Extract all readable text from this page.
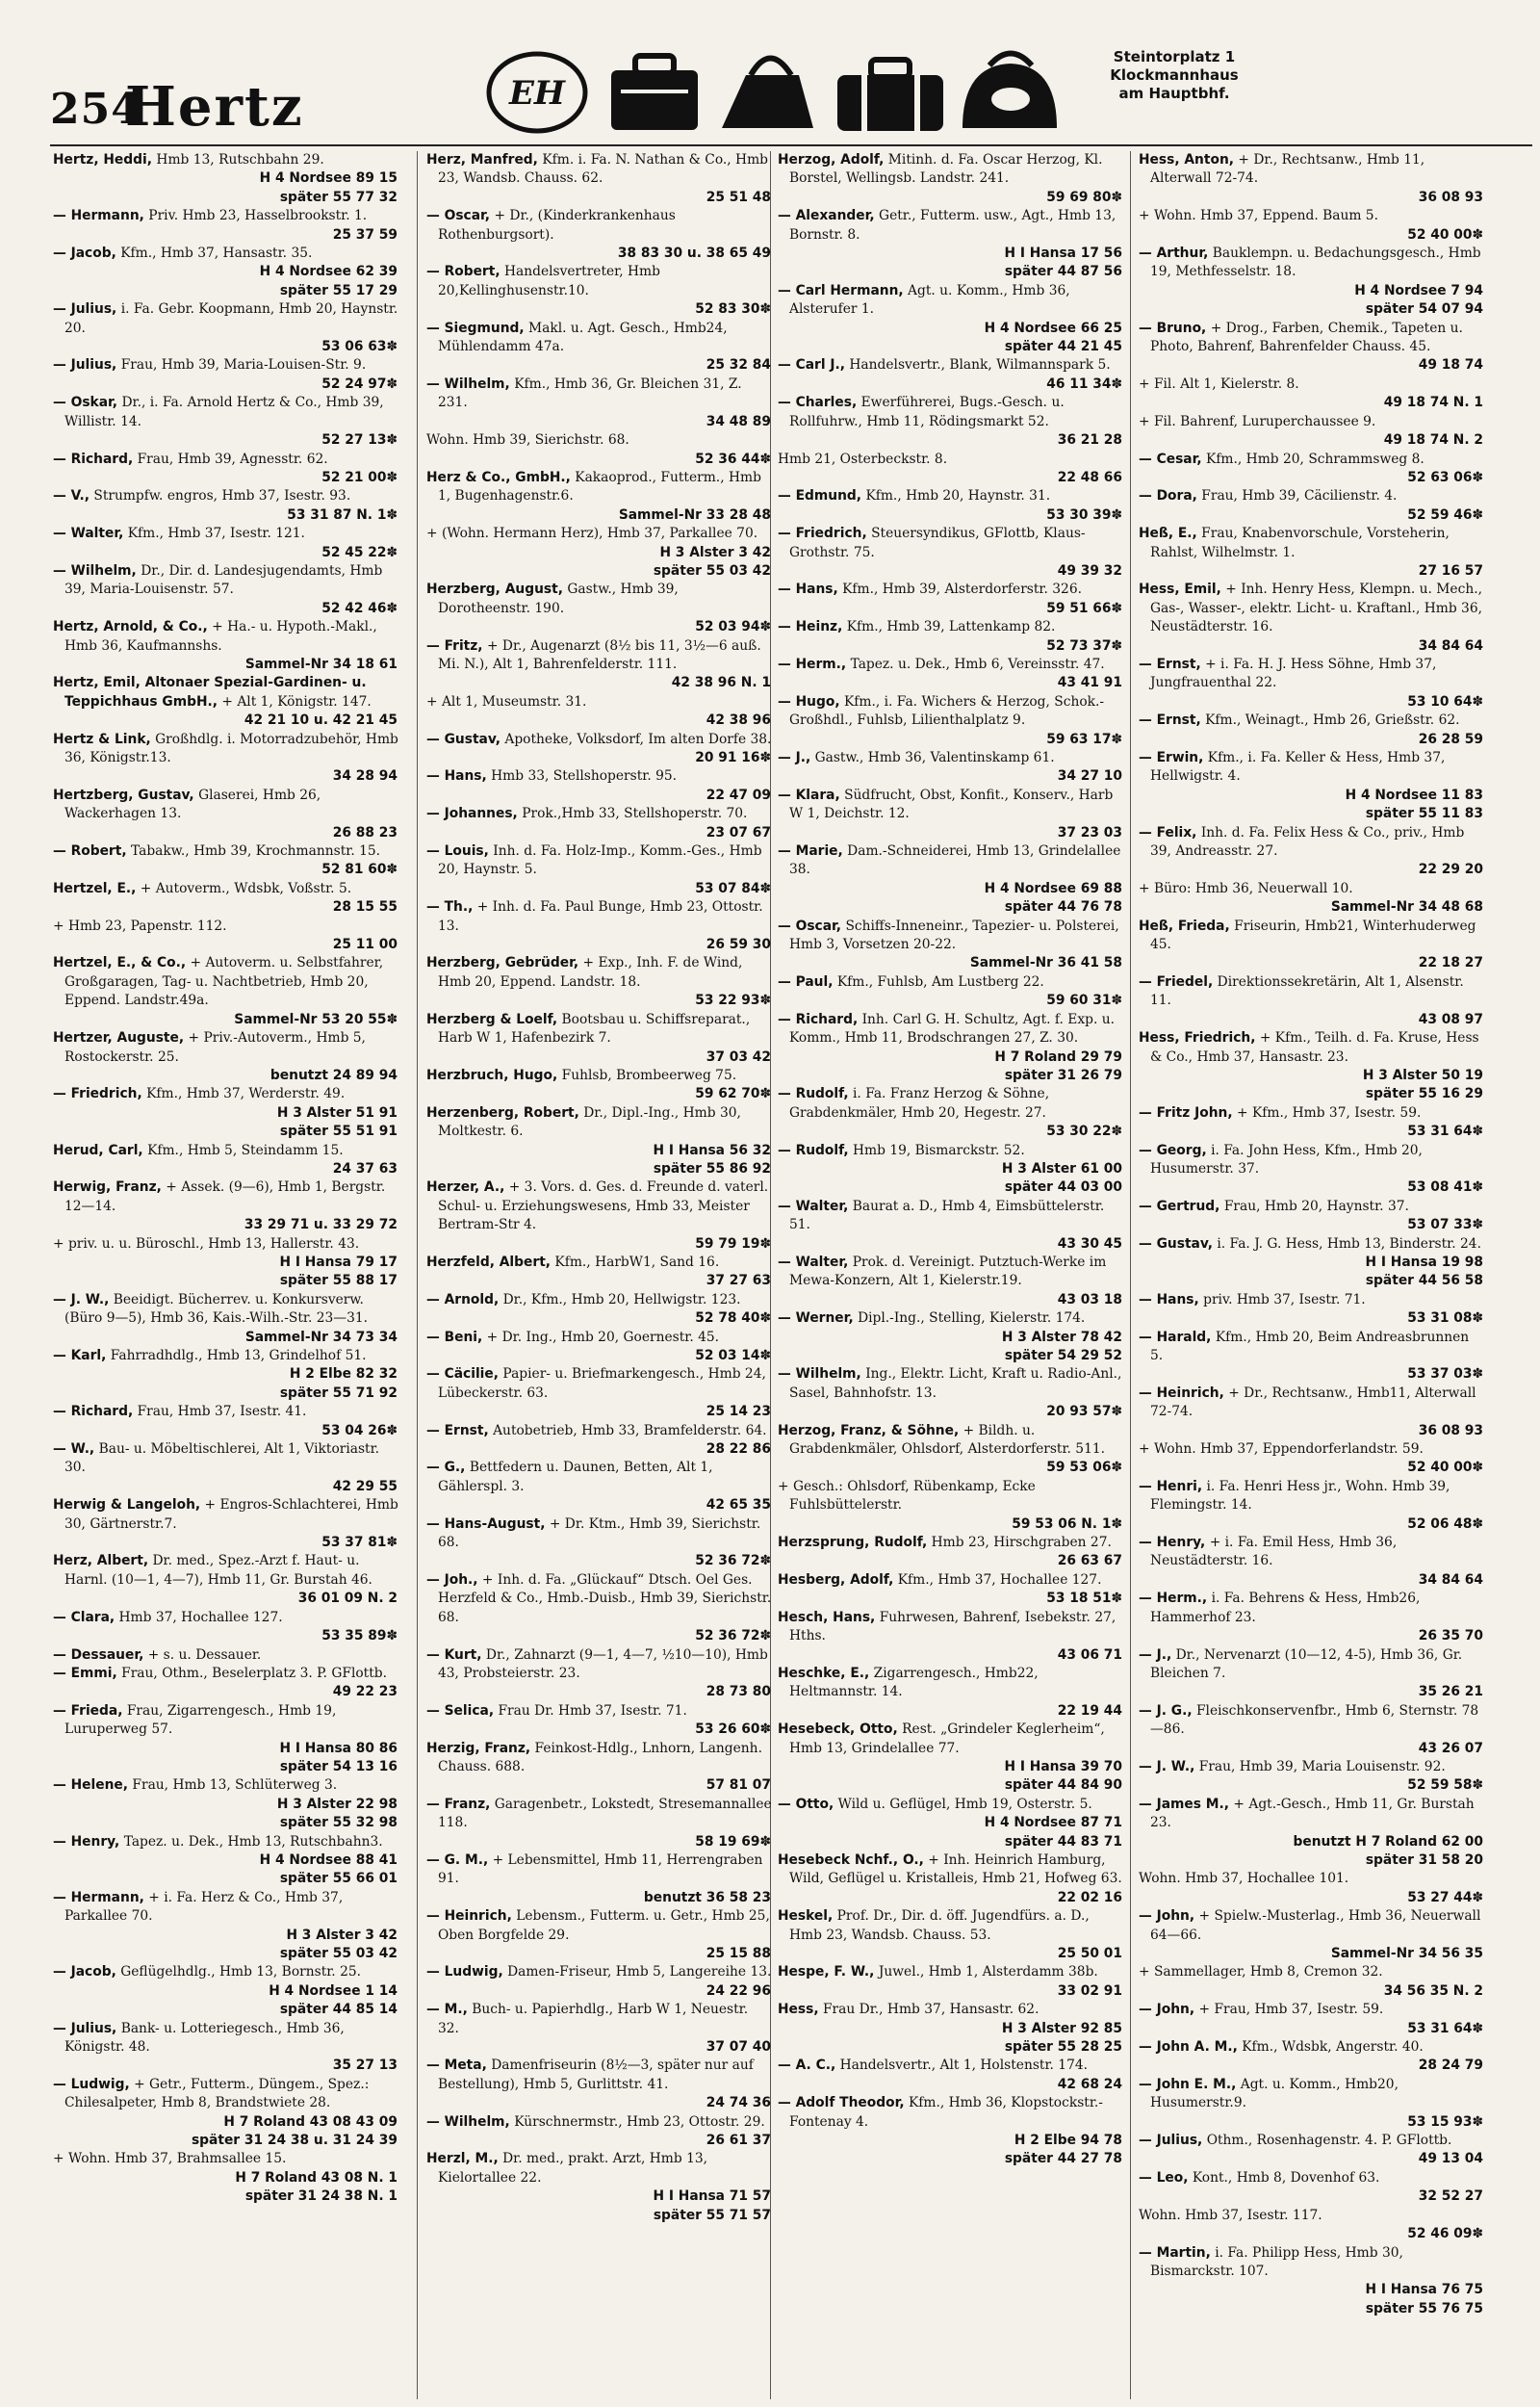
254
Hertz	EH
Steintorplatz 1
Klockmannhaus
am Hauptbhf.

Hertz, Heddi, Hmb 13, Rutschbahn 29.

H 4 Nordsee 89 15
später 55 77 32

— Hermann, Priv. Hmb 23, Hasselbrookstr. 1.

25 37 59

— Jacob, Kfm., Hmb 37, Hansastr. 35.

H 4 Nordsee 62 39
später 55 17 29

— Julius, i. Fa. Gebr. Koopmann, Hmb 20, Haynstr. 20.

53 06 63✽

— Julius, Frau, Hmb 39, Maria-Louisen-Str. 9.

52 24 97✽

— Oskar, Dr., i. Fa. Arnold Hertz & Co., Hmb 39, Willistr. 14.

52 27 13✽

— Richard, Frau, Hmb 39, Agnesstr. 62.

52 21 00✽

— V., Strumpfw. engros, Hmb 37, Isestr. 93.

53 31 87 N. 1✽

— Walter, Kfm., Hmb 37, Isestr. 121.

52 45 22✽

— Wilhelm, Dr., Dir. d. Landesjugendamts, Hmb 39, Maria-Louisenstr. 57.

52 42 46✽

Hertz, Arnold, & Co., + Ha.- u. Hypoth.-Makl., Hmb 36, Kaufmannshs.

Sammel-Nr 34 18 61

Hertz, Emil, Altonaer Spezial-Gardinen- u. Teppichhaus GmbH., + Alt 1, Königstr. 147.

42 21 10 u. 42 21 45

Hertz & Link, Großhdlg. i. Motorradzubehör, Hmb 36, Königstr.13.

34 28 94

Hertzberg, Gustav, Glaserei, Hmb 26, Wackerhagen 13.

26 88 23

— Robert, Tabakw., Hmb 39, Krochmannstr. 15.

52 81 60✽

Hertzel, E., + Autoverm., Wdsbk, Voßstr. 5.

28 15 55

+ Hmb 23, Papenstr. 112.

25 11 00

Hertzel, E., & Co., + Autoverm. u. Selbstfahrer, Großgaragen, Tag- u. Nachtbetrieb, Hmb 20, Eppend. Landstr.49a.

Sammel-Nr 53 20 55✽

Hertzer, Auguste, + Priv.-Autoverm., Hmb 5, Rostockerstr. 25.

benutzt 24 89 94

— Friedrich, Kfm., Hmb 37, Werderstr. 49.

H 3 Alster 51 91
später 55 51 91

Herud, Carl, Kfm., Hmb 5, Steindamm 15.

24 37 63

Herwig, Franz, + Assek. (9—6), Hmb 1, Bergstr. 12—14.

33 29 71 u. 33 29 72

+ priv. u. u. Büroschl., Hmb 13, Hallerstr. 43.

H I Hansa 79 17
später 55 88 17

— J. W., Beeidigt. Bücherrev. u. Konkursverw. (Büro 9—5), Hmb 36, Kais.-Wilh.-Str. 23—31.

Sammel-Nr 34 73 34

— Karl, Fahrradhdlg., Hmb 13, Grindelhof 51.

H 2 Elbe 82 32
später 55 71 92

— Richard, Frau, Hmb 37, Isestr. 41.

53 04 26✽

— W., Bau- u. Möbeltischlerei, Alt 1, Viktoriastr. 30.

42 29 55

Herwig & Langeloh, + Engros-Schlachterei, Hmb 30, Gärtnerstr.7.

53 37 81✽

Herz, Albert, Dr. med., Spez.-Arzt f. Haut- u. Harnl. (10—1, 4—7), Hmb 11, Gr. Burstah 46.

36 01 09 N. 2

— Clara, Hmb 37, Hochallee 127.

53 35 89✽

— Dessauer, + s. u. Dessauer.

— Emmi, Frau, Othm., Beselerplatz 3. P. GFlottb.

49 22 23

— Frieda, Frau, Zigarrengesch., Hmb 19, Luruperweg 57.

H I Hansa 80 86
später 54 13 16

— Helene, Frau, Hmb 13, Schlüterweg 3.

H 3 Alster 22 98
später 55 32 98

— Henry, Tapez. u. Dek., Hmb 13, Rutschbahn3.

H 4 Nordsee 88 41
später 55 66 01

— Hermann, + i. Fa. Herz & Co., Hmb 37, Parkallee 70.

H 3 Alster 3 42
später 55 03 42

— Jacob, Geflügelhdlg., Hmb 13, Bornstr. 25.

H 4 Nordsee 1 14
später 44 85 14

— Julius, Bank- u. Lotteriegesch., Hmb 36, Königstr. 48.

35 27 13

— Ludwig, + Getr., Futterm., Düngem., Spez.: Chilesalpeter, Hmb 8, Brandstwiete 28.

H 7 Roland 43 08 43 09
später 31 24 38 u. 31 24 39

+ Wohn. Hmb 37, Brahmsallee 15.

H 7 Roland 43 08 N. 1
später 31 24 38 N. 1

Herz, Manfred, Kfm. i. Fa. N. Nathan & Co., Hmb 23, Wandsb. Chauss. 62.

25 51 48

— Oscar, + Dr., (Kinderkrankenhaus Rothenburgsort).

38 83 30 u. 38 65 49

— Robert, Handelsvertreter, Hmb 20,Kellinghusenstr.10.

52 83 30✽

— Siegmund, Makl. u. Agt. Gesch., Hmb24, Mühlendamm 47a.

25 32 84

— Wilhelm, Kfm., Hmb 36, Gr. Bleichen 31, Z. 231.

34 48 89

Wohn. Hmb 39, Sierichstr. 68.

52 36 44✽

Herz & Co., GmbH., Kakaoprod., Futterm., Hmb 1, Bugenhagenstr.6.

Sammel-Nr 33 28 48

+ (Wohn. Hermann Herz), Hmb 37, Parkallee 70.

H 3 Alster 3 42
später 55 03 42

Herzberg, August, Gastw., Hmb 39, Dorotheenstr. 190.

52 03 94✽

— Fritz, + Dr., Augenarzt (8½ bis 11, 3½—6 auß. Mi. N.), Alt 1, Bahrenfelderstr. 111.

42 38 96 N. 1

+ Alt 1, Museumstr. 31.

42 38 96

— Gustav, Apotheke, Volksdorf, Im alten Dorfe 38.

20 91 16✽

— Hans, Hmb 33, Stellshoperstr. 95.

22 47 09

— Johannes, Prok.,Hmb 33, Stellshoperstr. 70.

23 07 67

— Louis, Inh. d. Fa. Holz-Imp., Komm.-Ges., Hmb 20, Haynstr. 5.

53 07 84✽

— Th., + Inh. d. Fa. Paul Bunge, Hmb 23, Ottostr. 13.

26 59 30

Herzberg, Gebrüder, + Exp., Inh. F. de Wind, Hmb 20, Eppend. Landstr. 18.

53 22 93✽

Herzberg & Loelf, Bootsbau u. Schiffsreparat., Harb W 1, Hafenbezirk 7.

37 03 42

Herzbruch, Hugo, Fuhlsb, Brombeerweg 75.

59 62 70✽

Herzenberg, Robert, Dr., Dipl.-Ing., Hmb 30, Moltkestr. 6.

H I Hansa 56 32
später 55 86 92

Herzer, A., + 3. Vors. d. Ges. d. Freunde d. vaterl. Schul- u. Erziehungswesens, Hmb 33, Meister Bertram-Str 4.

59 79 19✽

Herzfeld, Albert, Kfm., HarbW1, Sand 16.

37 27 63

— Arnold, Dr., Kfm., Hmb 20, Hellwigstr. 123.

52 78 40✽

— Beni, + Dr. Ing., Hmb 20, Goernestr. 45.

52 03 14✽

— Cäcilie, Papier- u. Briefmarkengesch., Hmb 24, Lübeckerstr. 63.

25 14 23

— Ernst, Autobetrieb, Hmb 33, Bramfelderstr. 64.

28 22 86

— G., Bettfedern u. Daunen, Betten, Alt 1, Gählerspl. 3.

42 65 35

— Hans-August, + Dr. Ktm., Hmb 39, Sierichstr. 68.

52 36 72✽

— Joh., + Inh. d. Fa. „Glückauf“ Dtsch. Oel Ges. Herzfeld & Co., Hmb.-Duisb., Hmb 39, Sierichstr. 68.

52 36 72✽

— Kurt, Dr., Zahnarzt (9—1, 4—7, ½10—10), Hmb 43, Probsteierstr. 23.

28 73 80

— Selica, Frau Dr. Hmb 37, Isestr. 71.

53 26 60✽

Herzig, Franz, Feinkost-Hdlg., Lnhorn, Langenh. Chauss. 688.

57 81 07

— Franz, Garagenbetr., Lokstedt, Stresemannallee 118.

58 19 69✽

— G. M., + Lebensmittel, Hmb 11, Herrengraben 91.

benutzt 36 58 23

— Heinrich, Lebensm., Futterm. u. Getr., Hmb 25, Oben Borgfelde 29.

25 15 88

— Ludwig, Damen-Friseur, Hmb 5, Langereihe 13.

24 22 96

— M., Buch- u. Papierhdlg., Harb W 1, Neuestr. 32.

37 07 40

— Meta, Damenfriseurin (8½—3, später nur auf Bestellung), Hmb 5, Gurlittstr. 41.

24 74 36

— Wilhelm, Kürschnermstr., Hmb 23, Ottostr. 29.

26 61 37

Herzl, M., Dr. med., prakt. Arzt, Hmb 13, Kielortallee 22.

H I Hansa 71 57
später 55 71 57

Herzog, Adolf, Mitinh. d. Fa. Oscar Herzog, Kl. Borstel, Wellingsb. Landstr. 241.

59 69 80✽

— Alexander, Getr., Futterm. usw., Agt., Hmb 13, Bornstr. 8.

H I Hansa 17 56
später 44 87 56

— Carl Hermann, Agt. u. Komm., Hmb 36, Alsterufer 1.

H 4 Nordsee 66 25
später 44 21 45

— Carl J., Handelsvertr., Blank, Wilmannspark 5.

46 11 34✽

— Charles, Ewerführerei, Bugs.-Gesch. u. Rollfuhrw., Hmb 11, Rödingsmarkt 52.

36 21 28

Hmb 21, Osterbeckstr. 8.

22 48 66

— Edmund, Kfm., Hmb 20, Haynstr. 31.

53 30 39✽

— Friedrich, Steuersyndikus, GFlottb, Klaus-Grothstr. 75.

49 39 32

— Hans, Kfm., Hmb 39, Alsterdorferstr. 326.

59 51 66✽

— Heinz, Kfm., Hmb 39, Lattenkamp 82.

52 73 37✽

— Herm., Tapez. u. Dek., Hmb 6, Vereinsstr. 47.

43 41 91

— Hugo, Kfm., i. Fa. Wichers & Herzog, Schok.-Großhdl., Fuhlsb, Lilienthalplatz 9.

59 63 17✽

— J., Gastw., Hmb 36, Valentinskamp 61.

34 27 10

— Klara, Südfrucht, Obst, Konfit., Konserv., Harb W 1, Deichstr. 12.

37 23 03

— Marie, Dam.-Schneiderei, Hmb 13, Grindelallee 38.

H 4 Nordsee 69 88
später 44 76 78

— Oscar, Schiffs-Inneneinr., Tapezier- u. Polsterei, Hmb 3, Vorsetzen 20-22.

Sammel-Nr 36 41 58

— Paul, Kfm., Fuhlsb, Am Lustberg 22.

59 60 31✽

— Richard, Inh. Carl G. H. Schultz, Agt. f. Exp. u. Komm., Hmb 11, Brodschrangen 27, Z. 30.

H 7 Roland 29 79
später 31 26 79

— Rudolf, i. Fa. Franz Herzog & Söhne, Grabdenkmäler, Hmb 20, Hegestr. 27.

53 30 22✽

— Rudolf, Hmb 19, Bismarckstr. 52.

H 3 Alster 61 00
später 44 03 00

— Walter, Baurat a. D., Hmb 4, Eimsbüttelerstr. 51.

43 30 45

— Walter, Prok. d. Vereinigt. Putztuch-Werke im Mewa-Konzern, Alt 1, Kielerstr.19.

43 03 18

— Werner, Dipl.-Ing., Stelling, Kielerstr. 174.

H 3 Alster 78 42
später 54 29 52

— Wilhelm, Ing., Elektr. Licht, Kraft u. Radio-Anl., Sasel, Bahnhofstr. 13.

20 93 57✽

Herzog, Franz, & Söhne, + Bildh. u. Grabdenkmäler, Ohlsdorf, Alsterdorferstr. 511.

59 53 06✽

+ Gesch.: Ohlsdorf, Rübenkamp, Ecke Fuhlsbüttelerstr.

59 53 06 N. 1✽

Herzsprung, Rudolf, Hmb 23, Hirschgraben 27.

26 63 67

Hesberg, Adolf, Kfm., Hmb 37, Hochallee 127.

53 18 51✽

Hesch, Hans, Fuhrwesen, Bahrenf, Isebekstr. 27, Hths.

43 06 71

Heschke, E., Zigarrengesch., Hmb22, Heltmannstr. 14.

22 19 44

Hesebeck, Otto, Rest. „Grindeler Keglerheim“, Hmb 13, Grindelallee 77.

H I Hansa 39 70
später 44 84 90

— Otto, Wild u. Geflügel, Hmb 19, Osterstr. 5.

H 4 Nordsee 87 71
später 44 83 71

Hesebeck Nchf., O., + Inh. Heinrich Hamburg, Wild, Geflügel u. Kristalleis, Hmb 21, Hofweg 63.

22 02 16

Heskel, Prof. Dr., Dir. d. öff. Jugendfürs. a. D., Hmb 23, Wandsb. Chauss. 53.

25 50 01

Hespe, F. W., Juwel., Hmb 1, Alsterdamm 38b.

33 02 91

Hess, Frau Dr., Hmb 37, Hansastr. 62.

H 3 Alster 92 85
später 55 28 25

— A. C., Handelsvertr., Alt 1, Holstenstr. 174.

42 68 24

— Adolf Theodor, Kfm., Hmb 36, Klopstockstr.-Fontenay 4.

H 2 Elbe 94 78
später 44 27 78

Hess, Anton, + Dr., Rechtsanw., Hmb 11, Alterwall 72-74.

36 08 93

+ Wohn. Hmb 37, Eppend. Baum 5.

52 40 00✽

— Arthur, Bauklempn. u. Bedachungsgesch., Hmb 19, Methfesselstr. 18.

H 4 Nordsee 7 94
später 54 07 94

— Bruno, + Drog., Farben, Chemik., Tapeten u. Photo, Bahrenf, Bahrenfelder Chauss. 45.

49 18 74

+ Fil. Alt 1, Kielerstr. 8.

49 18 74 N. 1

+ Fil. Bahrenf, Luruperchaussee 9.

49 18 74 N. 2

— Cesar, Kfm., Hmb 20, Schrammsweg 8.

52 63 06✽

— Dora, Frau, Hmb 39, Cäcilienstr. 4.

52 59 46✽

Heß, E., Frau, Knabenvorschule, Vorsteherin, Rahlst, Wilhelmstr. 1.

27 16 57

Hess, Emil, + Inh. Henry Hess, Klempn. u. Mech., Gas-, Wasser-, elektr. Licht- u. Kraftanl., Hmb 36, Neustädterstr. 16.

34 84 64

— Ernst, + i. Fa. H. J. Hess Söhne, Hmb 37, Jungfrauenthal 22.

53 10 64✽

— Ernst, Kfm., Weinagt., Hmb 26, Grießstr. 62.

26 28 59

— Erwin, Kfm., i. Fa. Keller & Hess, Hmb 37, Hellwigstr. 4.

H 4 Nordsee 11 83
später 55 11 83

— Felix, Inh. d. Fa. Felix Hess & Co., priv., Hmb 39, Andreasstr. 27.

22 29 20

+ Büro: Hmb 36, Neuerwall 10.

Sammel-Nr 34 48 68

Heß, Frieda, Friseurin, Hmb21, Winterhuderweg 45.

22 18 27

— Friedel, Direktionssekretärin, Alt 1, Alsenstr. 11.

43 08 97

Hess, Friedrich, + Kfm., Teilh. d. Fa. Kruse, Hess & Co., Hmb 37, Hansastr. 23.

H 3 Alster 50 19
später 55 16 29

— Fritz John, + Kfm., Hmb 37, Isestr. 59.

53 31 64✽

— Georg, i. Fa. John Hess, Kfm., Hmb 20, Husumerstr. 37.

53 08 41✽

— Gertrud, Frau, Hmb 20, Haynstr. 37.

53 07 33✽

— Gustav, i. Fa. J. G. Hess, Hmb 13, Binderstr. 24.

H I Hansa 19 98
später 44 56 58

— Hans, priv. Hmb 37, Isestr. 71.

53 31 08✽

— Harald, Kfm., Hmb 20, Beim Andreasbrunnen 5.

53 37 03✽

— Heinrich, + Dr., Rechtsanw., Hmb11, Alterwall 72-74.

36 08 93

+ Wohn. Hmb 37, Eppendorferlandstr. 59.

52 40 00✽

— Henri, i. Fa. Henri Hess jr., Wohn. Hmb 39, Flemingstr. 14.

52 06 48✽

— Henry, + i. Fa. Emil Hess, Hmb 36, Neustädterstr. 16.

34 84 64

— Herm., i. Fa. Behrens & Hess, Hmb26, Hammerhof 23.

26 35 70

— J., Dr., Nervenarzt (10—12, 4-5), Hmb 36, Gr. Bleichen 7.

35 26 21

— J. G., Fleischkonservenfbr., Hmb 6, Sternstr. 78—86.

43 26 07

— J. W., Frau, Hmb 39, Maria Louisenstr. 92.

52 59 58✽

— James M., + Agt.-Gesch., Hmb 11, Gr. Burstah 23.

benutzt H 7 Roland 62 00
später 31 58 20

Wohn. Hmb 37, Hochallee 101.

53 27 44✽

— John, + Spielw.-Musterlag., Hmb 36, Neuerwall 64—66.

Sammel-Nr 34 56 35

+ Sammellager, Hmb 8, Cremon 32.

34 56 35 N. 2

— John, + Frau, Hmb 37, Isestr. 59.

53 31 64✽

— John A. M., Kfm., Wdsbk, Angerstr. 40.

28 24 79

— John E. M., Agt. u. Komm., Hmb20, Husumerstr.9.

53 15 93✽

— Julius, Othm., Rosenhagenstr. 4. P. GFlottb.

49 13 04

— Leo, Kont., Hmb 8, Dovenhof 63.

32 52 27

Wohn. Hmb 37, Isestr. 117.

52 46 09✽

— Martin, i. Fa. Philipp Hess, Hmb 30, Bismarckstr. 107.

H I Hansa 76 75
später 55 76 75
